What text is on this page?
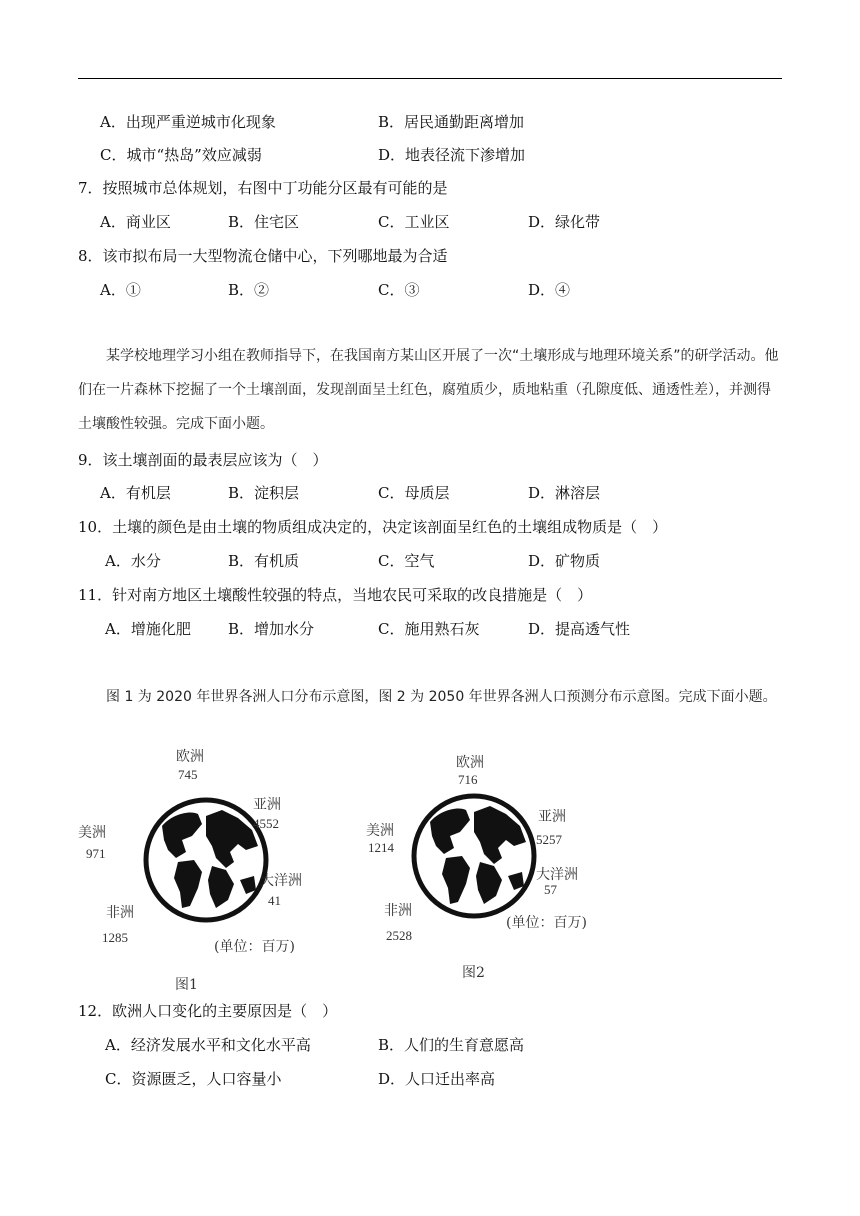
A．出现严重逆城市化现象	B．居民通勤距离增加
C．城市“热岛”效应减弱	D．地表径流下渗增加
7．按照城市总体规划，右图中丁功能分区最有可能的是
A．商业区	B．住宅区	C．工业区	D．绿化带
8．该市拟布局一大型物流仓储中心，下列哪地最为合适
A．①	B．②	C．③	D．④
某学校地理学习小组在教师指导下，在我国南方某山区开展了一次“土壤形成与地理环境关系”的研学活动。他们在一片森林下挖掘了一个土壤剖面，发现剖面呈土红色，腐殖质少，质地粘重（孔隙度低、通透性差），并测得土壤酸性较强。完成下面小题。
9．该土壤剖面的最表层应该为（　）
A．有机层	B．淀积层	C．母质层	D．淋溶层
10．土壤的颜色是由土壤的物质组成决定的，决定该剖面呈红色的土壤组成物质是（　）
A．水分	B．有机质	C．空气	D．矿物质
11．针对南方地区土壤酸性较强的特点，当地农民可采取的改良措施是（　）
A．增施化肥 B．增加水分	C．施用熟石灰	D．提高透气性
图 1 为 2020 年世界各洲人口分布示意图，图 2 为 2050 年世界各洲人口预测分布示意图。完成下面小题。
欧洲
745
亚洲
4552
美洲
971
大洋洲
41
非洲
1285
(单位：百万)
图1
欧洲
716
亚洲
5257
美洲
1214
大洋洲
57
非洲
2528
(单位：百万)
图2
12．欧洲人口变化的主要原因是（　）
A．经济发展水平和文化水平高	B．人们的生育意愿高
C．资源匮乏，人口容量小	D．人口迁出率高
